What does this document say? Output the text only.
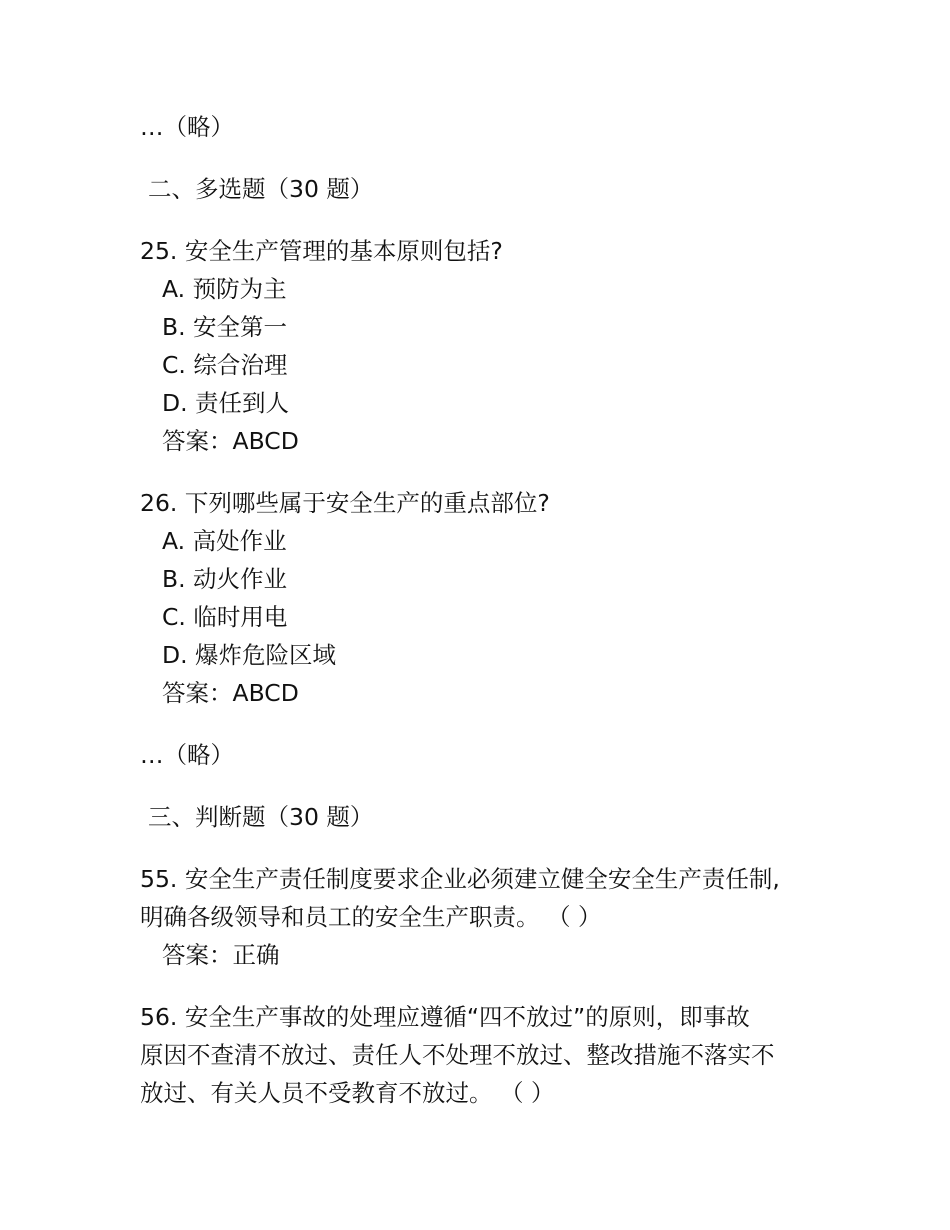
…（略）
二、多选题（30 题）
25. 安全生产管理的基本原则包括?
A. 预防为主
B. 安全第一
C. 综合治理
D. 责任到人
答案：ABCD
26. 下列哪些属于安全生产的重点部位?
A. 高处作业
B. 动火作业
C. 临时用电
D. 爆炸危险区域
答案：ABCD
…（略）
三、判断题（30 题）
55. 安全生产责任制度要求企业必须建立健全安全生产责任制,
明确各级领导和员工的安全生产职责。 （ ）
答案：正确
56. 安全生产事故的处理应遵循“四不放过”的原则，即事故
原因不查清不放过、责任人不处理不放过、整改措施不落实不
放过、有关人员不受教育不放过。 （ ）
